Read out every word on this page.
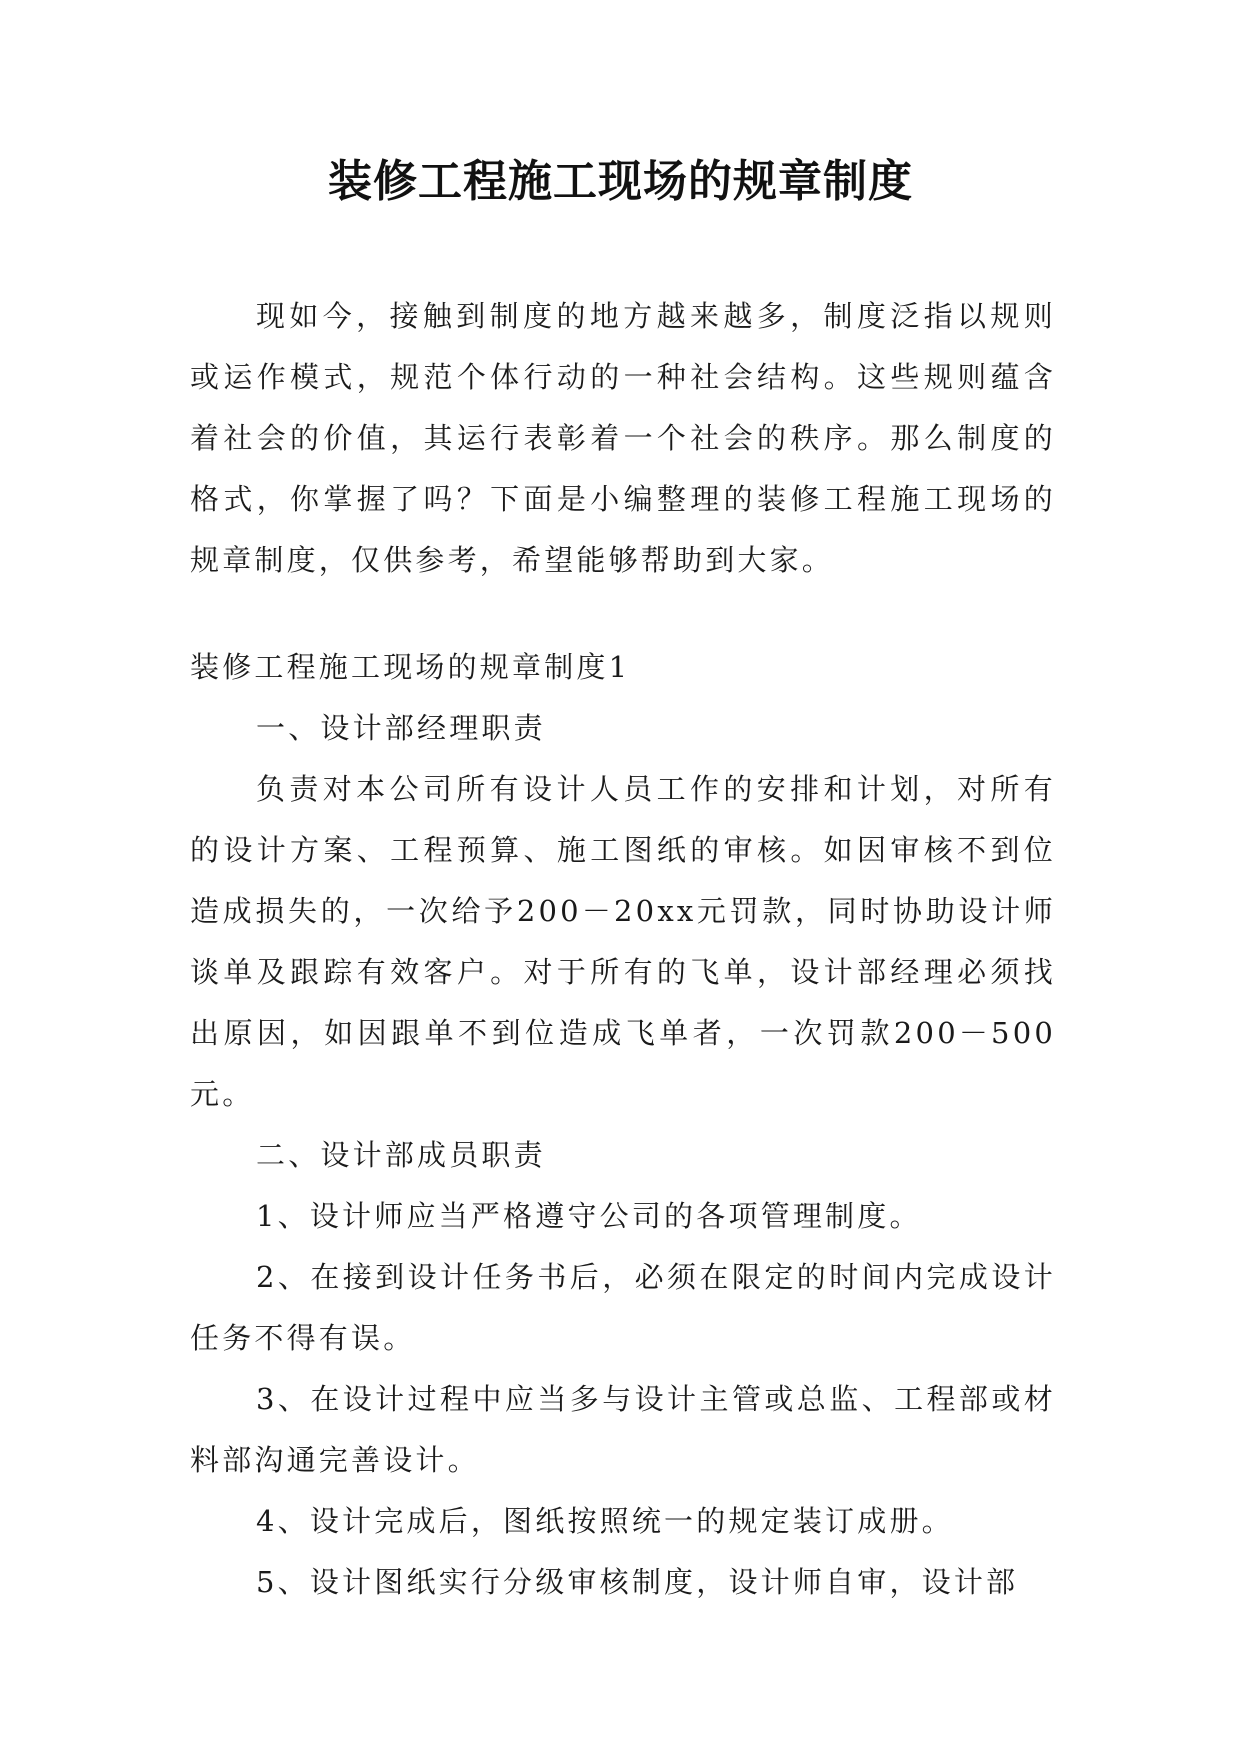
装修工程施工现场的规章制度

现如今，接触到制度的地方越来越多，制度泛指以规则或运作模式，规范个体行动的一种社会结构。这些规则蕴含着社会的价值，其运行表彰着一个社会的秩序。那么制度的格式，你掌握了吗？下面是小编整理的装修工程施工现场的规章制度，仅供参考，希望能够帮助到大家。

装修工程施工现场的规章制度1

一、设计部经理职责

负责对本公司所有设计人员工作的安排和计划，对所有的设计方案、工程预算、施工图纸的审核。如因审核不到位造成损失的，一次给予200－20xx元罚款，同时协助设计师谈单及跟踪有效客户。对于所有的飞单，设计部经理必须找出原因，如因跟单不到位造成飞单者，一次罚款200－500元。

二、设计部成员职责

1、设计师应当严格遵守公司的各项管理制度。

2、在接到设计任务书后，必须在限定的时间内完成设计任务不得有误。

3、在设计过程中应当多与设计主管或总监、工程部或材料部沟通完善设计。

4、设计完成后，图纸按照统一的规定装订成册。

5、设计图纸实行分级审核制度，设计师自审，设计部
